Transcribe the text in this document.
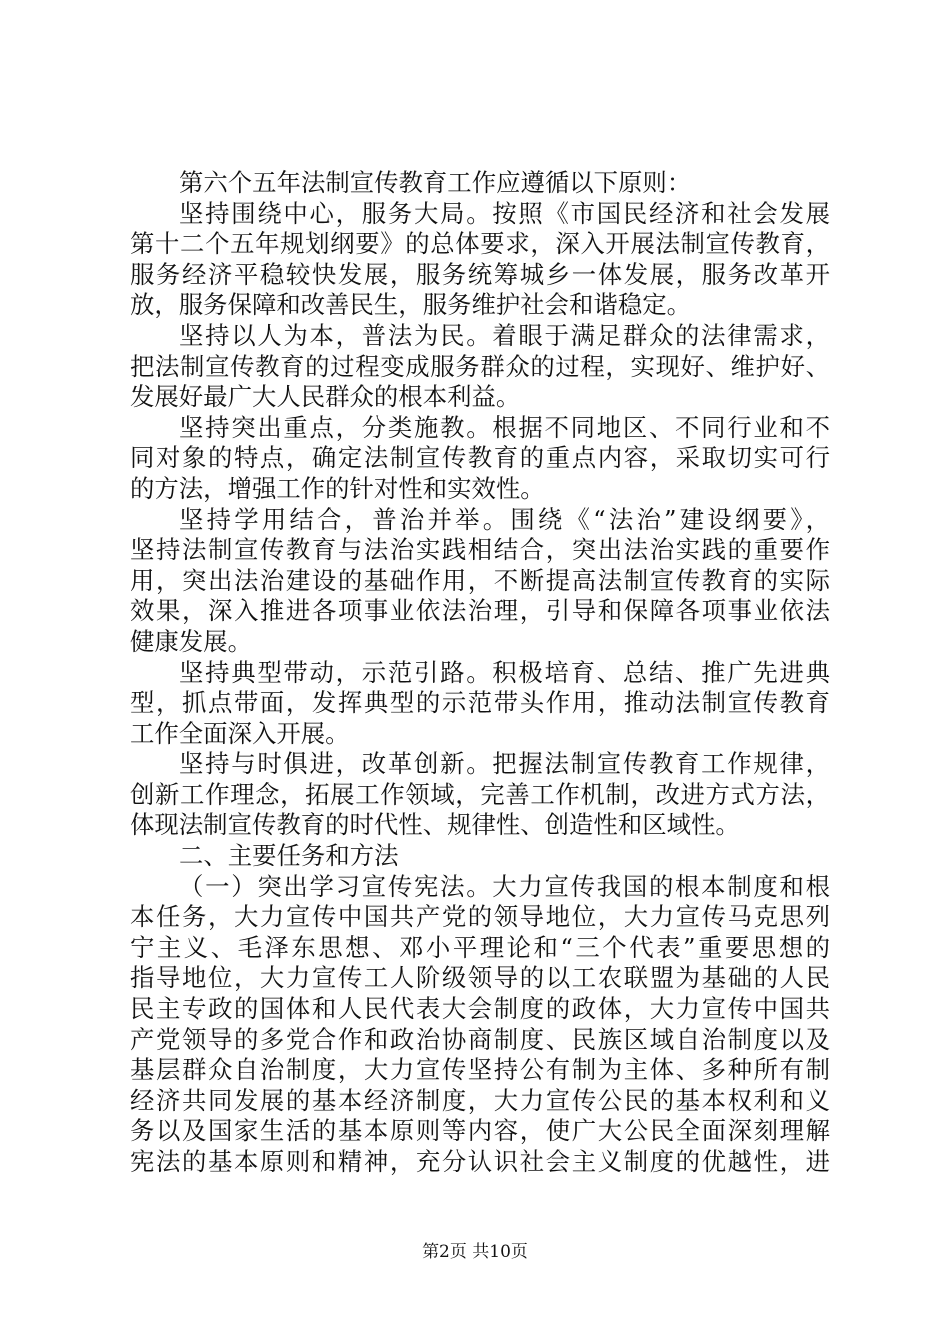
第六个五年法制宣传教育工作应遵循以下原则：
坚持围绕中心，服务大局。按照《市国民经济和社会发展
第十二个五年规划纲要》的总体要求，深入开展法制宣传教育，
服务经济平稳较快发展，服务统筹城乡一体发展，服务改革开
放，服务保障和改善民生，服务维护社会和谐稳定。
坚持以人为本，普法为民。着眼于满足群众的法律需求，
把法制宣传教育的过程变成服务群众的过程，实现好、维护好、
发展好最广大人民群众的根本利益。
坚持突出重点，分类施教。根据不同地区、不同行业和不
同对象的特点，确定法制宣传教育的重点内容，采取切实可行
的方法，增强工作的针对性和实效性。
坚持学用结合，普治并举。围绕《“法治”建设纲要》，
坚持法制宣传教育与法治实践相结合，突出法治实践的重要作
用，突出法治建设的基础作用，不断提高法制宣传教育的实际
效果，深入推进各项事业依法治理，引导和保障各项事业依法
健康发展。
坚持典型带动，示范引路。积极培育、总结、推广先进典
型，抓点带面，发挥典型的示范带头作用，推动法制宣传教育
工作全面深入开展。
坚持与时俱进，改革创新。把握法制宣传教育工作规律，
创新工作理念，拓展工作领域，完善工作机制，改进方式方法，
体现法制宣传教育的时代性、规律性、创造性和区域性。
二、主要任务和方法
（一）突出学习宣传宪法。大力宣传我国的根本制度和根
本任务，大力宣传中国共产党的领导地位，大力宣传马克思列
宁主义、毛泽东思想、邓小平理论和“三个代表”重要思想的
指导地位，大力宣传工人阶级领导的以工农联盟为基础的人民
民主专政的国体和人民代表大会制度的政体，大力宣传中国共
产党领导的多党合作和政治协商制度、民族区域自治制度以及
基层群众自治制度，大力宣传坚持公有制为主体、多种所有制
经济共同发展的基本经济制度，大力宣传公民的基本权利和义
务以及国家生活的基本原则等内容，使广大公民全面深刻理解
宪法的基本原则和精神，充分认识社会主义制度的优越性，进
第2页 共10页
